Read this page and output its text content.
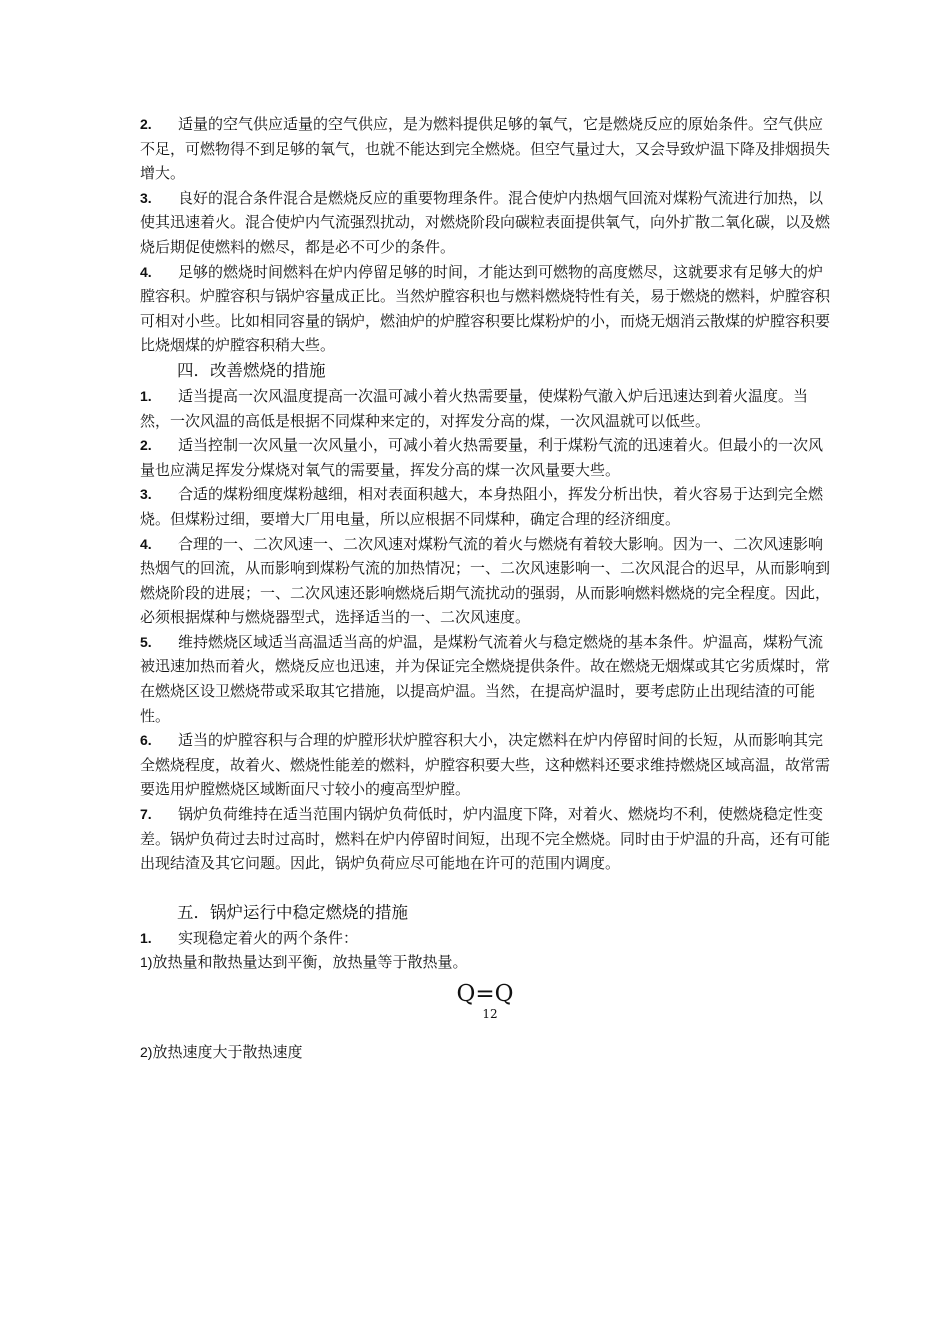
2. 适量的空气供应适量的空气供应，是为燃料提供足够的氧气，它是燃烧反应的原始条件。空气供应不足，可燃物得不到足够的氧气，也就不能达到完全燃烧。但空气量过大，又会导致炉温下降及排烟损失增大。

3. 良好的混合条件混合是燃烧反应的重要物理条件。混合使炉内热烟气回流对煤粉气流进行加热，以使其迅速着火。混合使炉内气流强烈扰动，对燃烧阶段向碳粒表面提供氧气，向外扩散二氧化碳，以及燃烧后期促使燃料的燃尽，都是必不可少的条件。

4. 足够的燃烧时间燃料在炉内停留足够的时间，才能达到可燃物的高度燃尽，这就要求有足够大的炉膛容积。炉膛容积与锅炉容量成正比。当然炉膛容积也与燃料燃烧特性有关，易于燃烧的燃料，炉膛容积可相对小些。比如相同容量的锅炉，燃油炉的炉膛容积要比煤粉炉的小，而烧无烟消云散煤的炉膛容积要比烧烟煤的炉膛容积稍大些。

四．改善燃烧的措施

1. 适当提高一次风温度提高一次温可减小着火热需要量，使煤粉气澈入炉后迅速达到着火温度。当然，一次风温的高低是根据不同煤种来定的，对挥发分高的煤，一次风温就可以低些。

2. 适当控制一次风量一次风量小，可减小着火热需要量，利于煤粉气流的迅速着火。但最小的一次风量也应满足挥发分煤烧对氧气的需要量，挥发分高的煤一次风量要大些。

3. 合适的煤粉细度煤粉越细，相对表面积越大，本身热阻小，挥发分析出快，着火容易于达到完全燃烧。但煤粉过细，要增大厂用电量，所以应根据不同煤种，确定合理的经济细度。

4. 合理的一、二次风速一、二次风速对煤粉气流的着火与燃烧有着较大影响。因为一、二次风速影响热烟气的回流，从而影响到煤粉气流的加热情况；一、二次风速影响一、二次风混合的迟早，从而影响到燃烧阶段的进展；一、二次风速还影响燃烧后期气流扰动的强弱，从而影响燃料燃烧的完全程度。因此，必须根据煤种与燃烧器型式，选择适当的一、二次风速度。

5. 维持燃烧区域适当高温适当高的炉温，是煤粉气流着火与稳定燃烧的基本条件。炉温高，煤粉气流被迅速加热而着火，燃烧反应也迅速，并为保证完全燃烧提供条件。故在燃烧无烟煤或其它劣质煤时，常在燃烧区设卫燃烧带或采取其它措施，以提高炉温。当然，在提高炉温时，要考虑防止出现结渣的可能性。

6. 适当的炉膛容积与合理的炉膛形状炉膛容积大小，决定燃料在炉内停留时间的长短，从而影响其完全燃烧程度，故着火、燃烧性能差的燃料，炉膛容积要大些，这种燃料还要求维持燃烧区域高温，故常需要选用炉膛燃烧区域断面尺寸较小的瘦高型炉膛。

7. 锅炉负荷维持在适当范围内锅炉负荷低时，炉内温度下降，对着火、燃烧均不利，使燃烧稳定性变差。锅炉负荷过去时过高时，燃料在炉内停留时间短，出现不完全燃烧。同时由于炉温的升高，还有可能出现结渣及其它问题。因此，锅炉负荷应尽可能地在许可的范围内调度。

五．锅炉运行中稳定燃烧的措施

1. 实现稳定着火的两个条件：

1)放热量和散热量达到平衡，放热量等于散热量。

Q=Q
12

2)放热速度大于散热速度
